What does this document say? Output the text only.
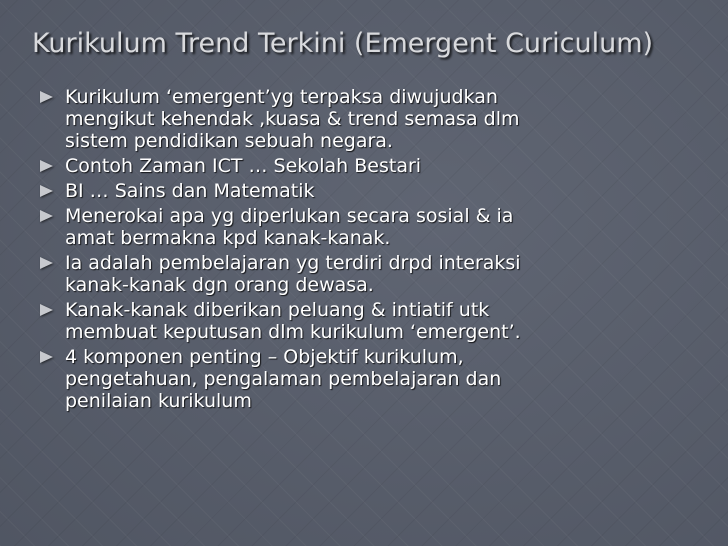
Kurikulum Trend Terkini (Emergent Curiculum)
Kurikulum ‘emergent’yg terpaksa diwujudkan
mengikut kehendak ,kuasa & trend semasa dlm
sistem pendidikan sebuah negara.
Contoh Zaman ICT … Sekolah Bestari
BI … Sains dan Matematik
Menerokai apa yg diperlukan secara sosial & ia
amat bermakna kpd kanak-kanak.
Ia adalah pembelajaran yg terdiri drpd interaksi
kanak-kanak dgn orang dewasa.
Kanak-kanak diberikan peluang & intiatif utk
membuat keputusan dlm kurikulum ‘emergent’.
4 komponen penting – Objektif kurikulum,
pengetahuan, pengalaman pembelajaran dan
penilaian kurikulum
